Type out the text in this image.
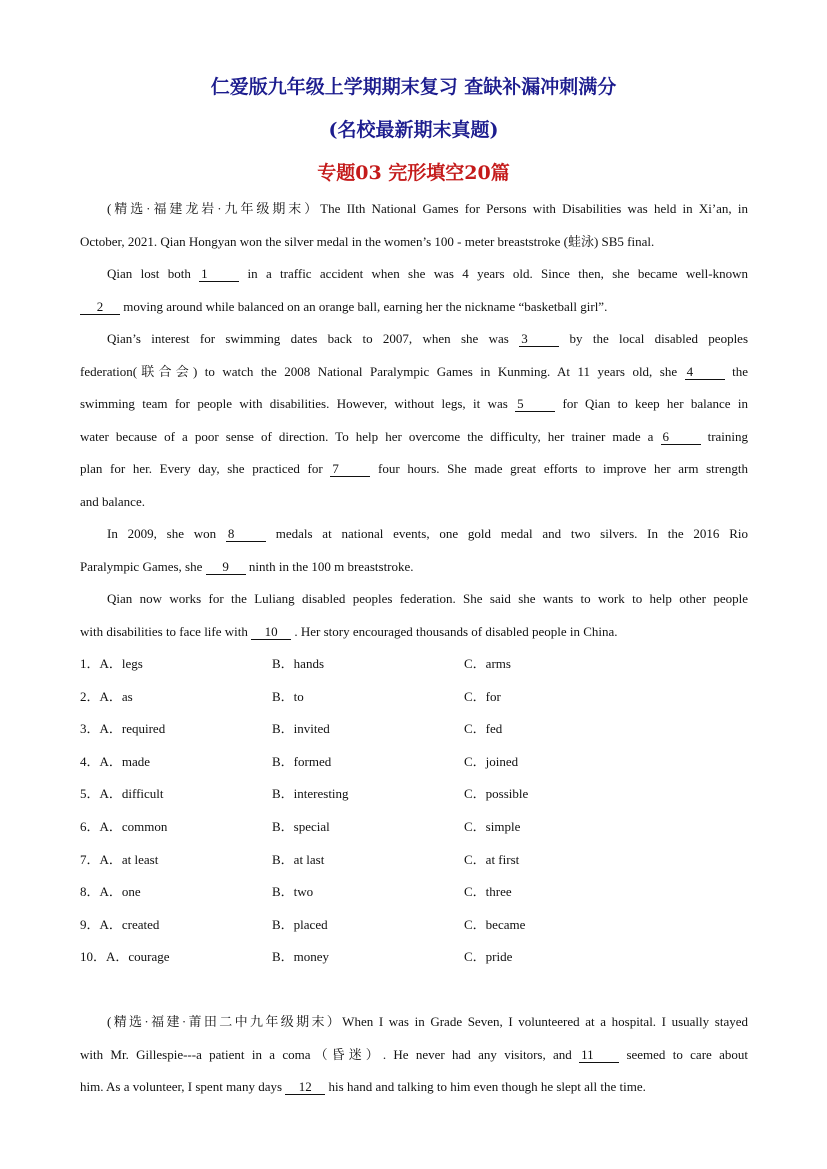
仁爱版九年级上学期期末复习 查缺补漏冲刺满分
(名校最新期末真题)
专题03 完形填空20篇
(精选·福建龙岩·九年级期末）The IIth National Games for Persons with Disabilities was held in Xi’an, in
October, 2021. Qian Hongyan won the silver medal in the women’s 100 - meter breaststroke (蛙泳) SB5 final.
Qian lost both 1	in a traffic accident when she was 4 years old. Since then, she became well-known
2 moving around while balanced on an orange ball, earning her the nickname “basketball girl”.
Qian’s interest for swimming dates back to 2007, when she was 3	by the local disabled peoples
federation(联合会) to watch the 2008 National Paralympic Games in Kunming. At 11 years old, she 4	the
swimming team for people with disabilities. However, without legs, it was 5	for Qian to keep her balance in
water because of a poor sense of direction. To help her overcome the difficulty, her trainer made a 6	training
plan for her. Every day, she practiced for 7	four hours. She made great efforts to improve her arm strength
and balance.
In 2009, she won 8	medals at national events, one gold medal and two silvers. In the 2016 Rio
Paralympic Games, she 9 ninth in the 100 m breaststroke.
Qian now works for the Luliang disabled peoples federation. She said she wants to work to help other people
with disabilities to face life with 10 . Her story encouraged thousands of disabled people in China.
1．A．legs	B．hands	C．arms
2．A．as	B．to	C．for
3．A．required	B．invited	C．fed
4．A．made	B．formed	C．joined
5．A．difficult	B．interesting	C．possible
6．A．common	B．special	C．simple
7．A．at least	B．at last	C．at first
8．A．one	B．two	C．three
9．A．created	B．placed	C．became
10．A．courage	B．money	C．pride
(精选·福建·莆田二中九年级期末）When I was in Grade Seven, I volunteered at a hospital. I usually stayed
with Mr. Gillespie---a patient in a coma（昏迷）. He never had any visitors, and 11	seemed to care about
him. As a volunteer, I spent many days 12 his hand and talking to him even though he slept all the time.
